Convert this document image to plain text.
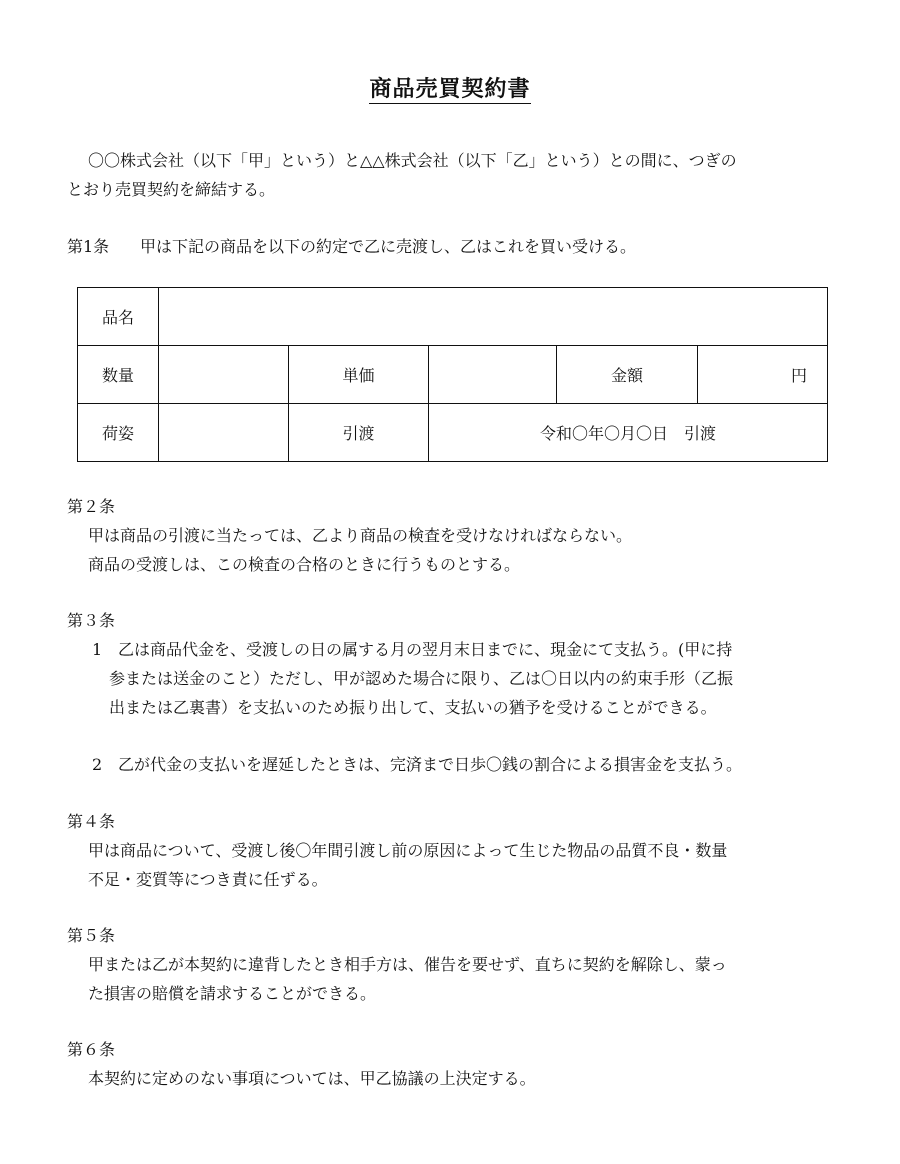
商品売買契約書
〇〇株式会社（以下「甲」という）と△△株式会社（以下「乙」という）との間に、つぎの
とおり売買契約を締結する。
第1条 甲は下記の商品を以下の約定で乙に売渡し、乙はこれを買い受ける。
品名					
数量		単価		金額	円
荷姿		引渡	令和〇年〇月〇日　引渡		
第２条
甲は商品の引渡に当たっては、乙より商品の検査を受けなければならない。
商品の受渡しは、この検査の合格のときに行うものとする。
第３条
1 乙は商品代金を、受渡しの日の属する月の翌月末日までに、現金にて支払う。(甲に持
参または送金のこと）ただし、甲が認めた場合に限り、乙は〇日以内の約束手形（乙振
出または乙裏書）を支払いのため振り出して、支払いの猶予を受けることができる。
2 乙が代金の支払いを遅延したときは、完済まで日歩〇銭の割合による損害金を支払う。
第４条
甲は商品について、受渡し後〇年間引渡し前の原因によって生じた物品の品質不良・数量
不足・変質等につき責に任ずる。
第５条
甲または乙が本契約に違背したとき相手方は、催告を要せず、直ちに契約を解除し、蒙っ
た損害の賠償を請求することができる。
第６条
本契約に定めのない事項については、甲乙協議の上決定する。
